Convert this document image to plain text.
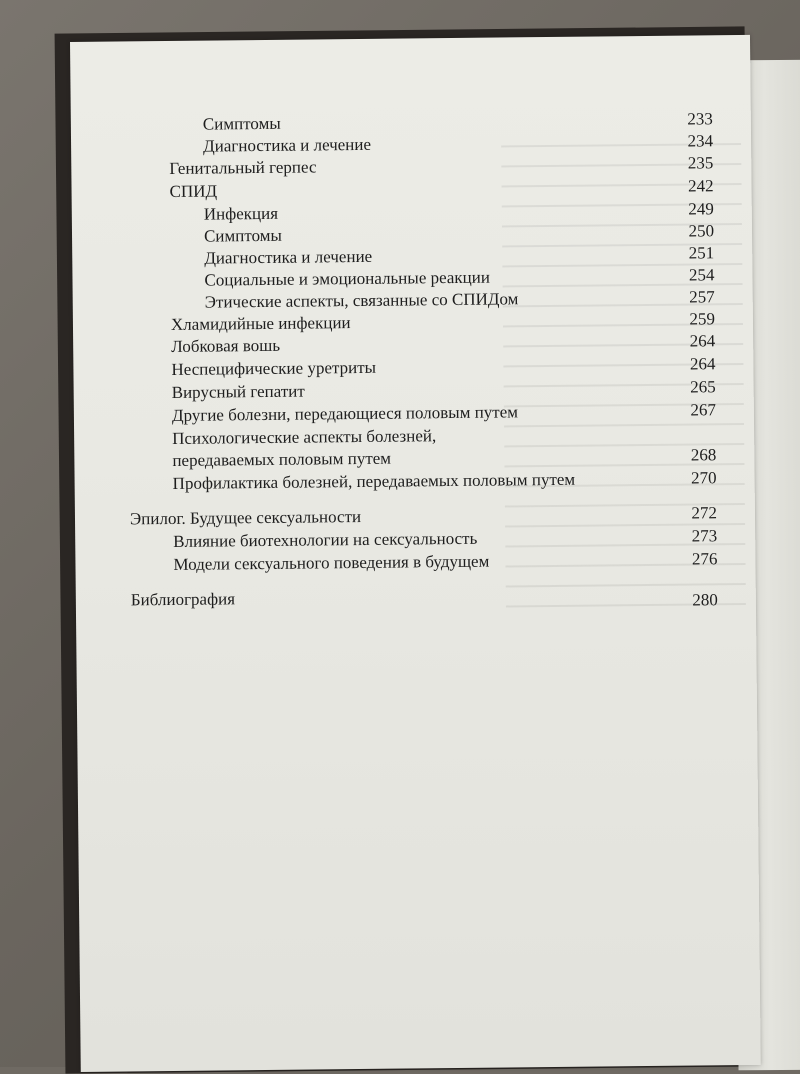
Симптомы	233
Диагностика и лечение	234
Генитальный герпес	235
СПИД	242
Инфекция	249
Симптомы	250
Диагностика и лечение	251
Социальные и эмоциональные реакции	254
Этические аспекты, связанные со СПИДом	257
Хламидийные инфекции	259
Лобковая вошь	264
Неспецифические уретриты	264
Вирусный гепатит	265
Другие болезни, передающиеся половым путем	267
Психологические аспекты болезней,
передаваемых половым путем	268
Профилактика болезней, передаваемых половым путем	270
Эпилог. Будущее сексуальности	272
Влияние биотехнологии на сексуальность	273
Модели сексуального поведения в будущем	276
Библиография	280
